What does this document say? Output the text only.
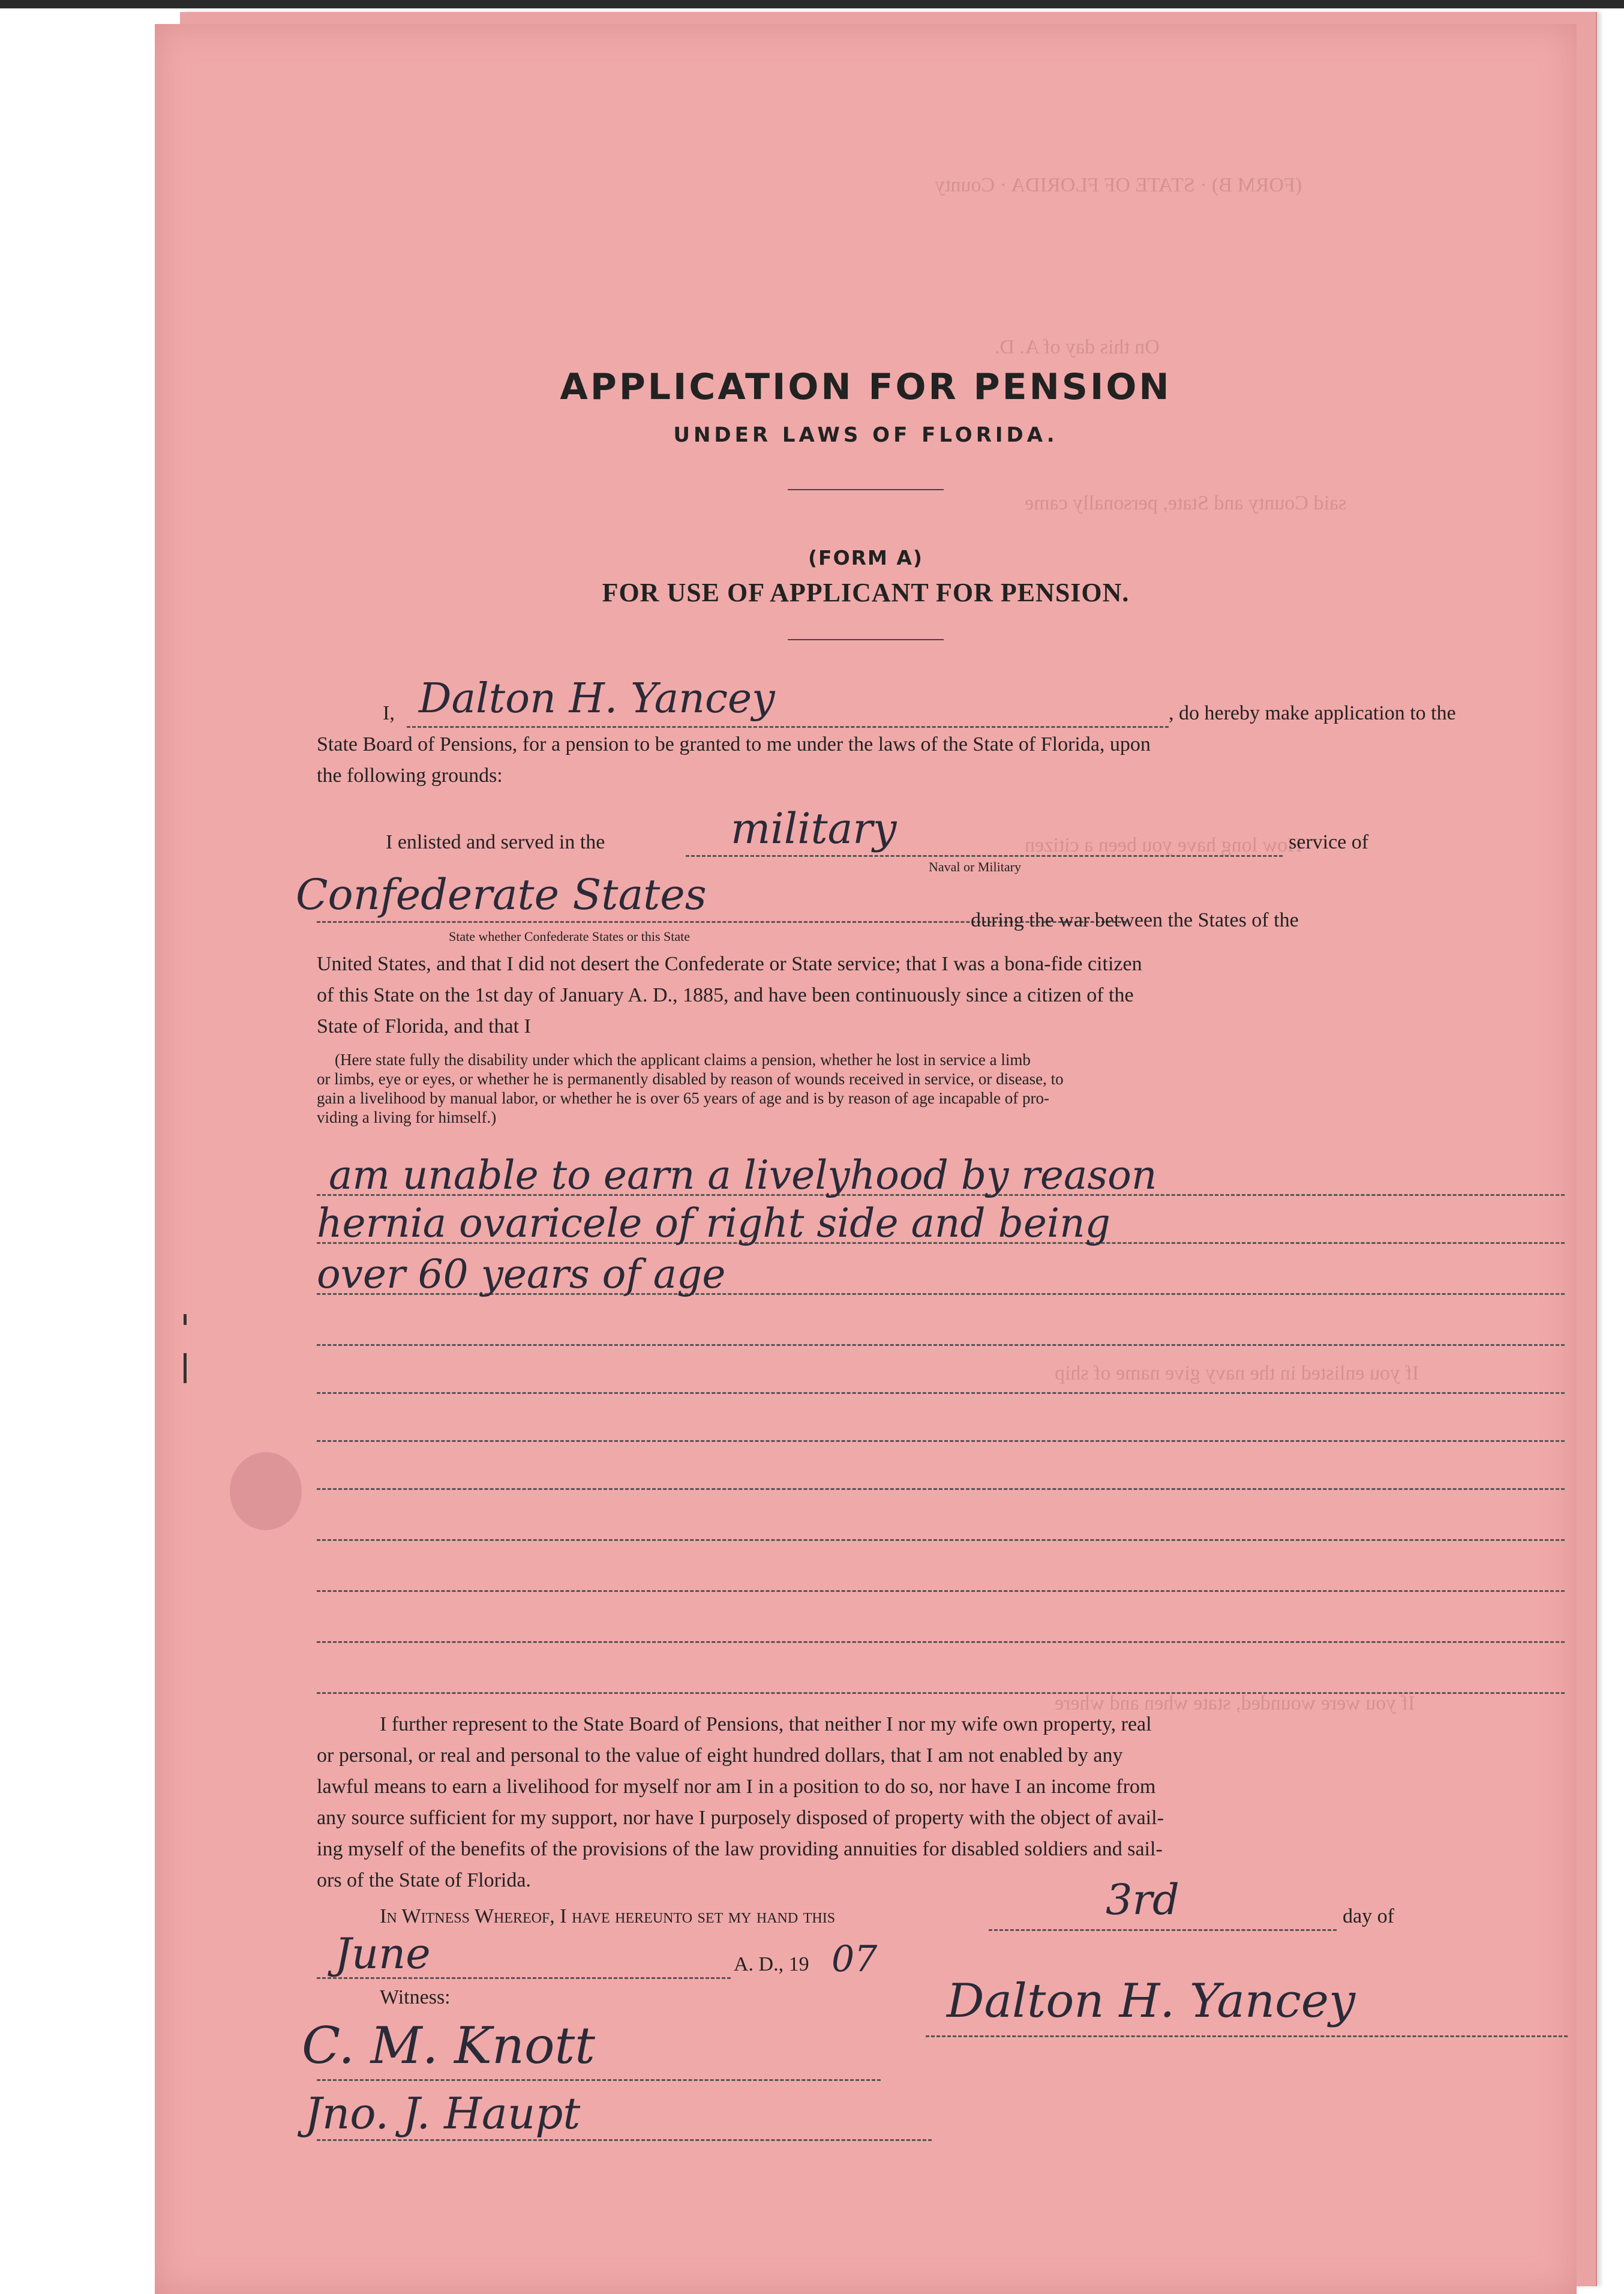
(FORM B) · STATE OF FLORIDA · County
On this day of A. D.
said County and State, personally came
How long have you been a citizen
If you enlisted in the navy give name of ship
If you were wounded, state when and where
APPLICATION FOR PENSION
UNDER LAWS OF FLORIDA.
(FORM A)
FOR USE OF APPLICANT FOR PENSION.
I, Dalton H. Yancey	, do hereby make application to the
State Board of Pensions, for a pension to be granted to me under the laws of the State of Florida, upon
the following grounds:
I enlisted and served in the	military	service of
Naval or Military
Confederate States
during the war between the States of the
State whether Confederate States or this State
United States, and that I did not desert the Confederate or State service; that I was a bona-fide citizen
of this State on the 1st day of January A. D., 1885, and have been continuously since a citizen of the
State of Florida, and that I
(Here state fully the disability under which the applicant claims a pension, whether he lost in service a limb
or limbs, eye or eyes, or whether he is permanently disabled by reason of wounds received in service, or disease, to
gain a livelihood by manual labor, or whether he is over 65 years of age and is by reason of age incapable of pro-
viding a living for himself.)
am unable to earn a livelyhood by reason
hernia ovaricele of right side and being
over 60 years of age
I further represent to the State Board of Pensions, that neither I nor my wife own property, real
or personal, or real and personal to the value of eight hundred dollars, that I am not enabled by any
lawful means to earn a livelihood for myself nor am I in a position to do so, nor have I an income from
any source sufficient for my support, nor have I purposely disposed of property with the object of avail-
ing myself of the benefits of the provisions of the law providing annuities for disabled soldiers and sail-
ors of the State of Florida.
In Witness Whereof, I have hereunto set my hand this	3rd	day of
June	A. D., 19 07
Witness:	Dalton H. Yancey
C. M. Knott
Jno. J. Haupt
